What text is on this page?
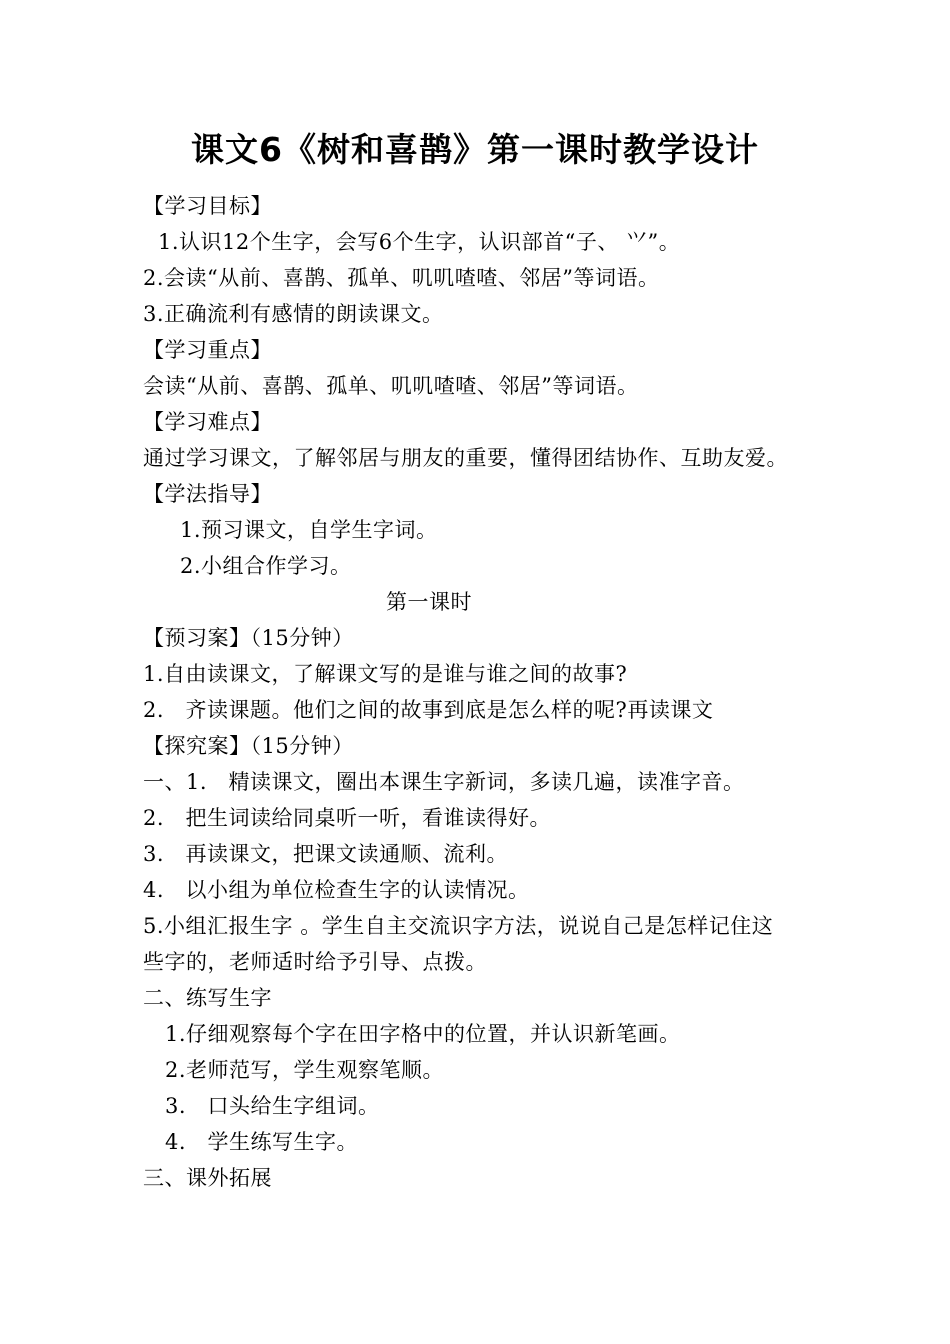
课文6《树和喜鹊》第一课时教学设计
【学习目标】
1.认识12个生字，会写6个生字，认识部首“子、 ⺍”。
2.会读“从前、喜鹊、孤单、叽叽喳喳、邻居”等词语。
3.正确流利有感情的朗读课文。
【学习重点】
会读“从前、喜鹊、孤单、叽叽喳喳、邻居”等词语。
【学习难点】
通过学习课文，了解邻居与朋友的重要，懂得团结协作、互助友爱。
【学法指导】
1.预习课文，自学生字词。
2.小组合作学习。
第一课时
【预习案】（15分钟）
1.自由读课文，了解课文写的是谁与谁之间的故事?
2.   齐读课题。他们之间的故事到底是怎么样的呢?再读课文
【探究案】（15分钟）
一、1.   精读课文，圈出本课生字新词，多读几遍，读准字音。
2.   把生词读给同桌听一听，看谁读得好。
3.   再读课文，把课文读通顺、流利。
4.   以小组为单位检查生字的认读情况。
5.小组汇报生字 。学生自主交流识字方法，说说自己是怎样记住这
些字的，老师适时给予引导、点拨。
二、练写生字
1.仔细观察每个字在田字格中的位置，并认识新笔画。
2.老师范写，学生观察笔顺。
3.   口头给生字组词。
4.   学生练写生字。
三、课外拓展
